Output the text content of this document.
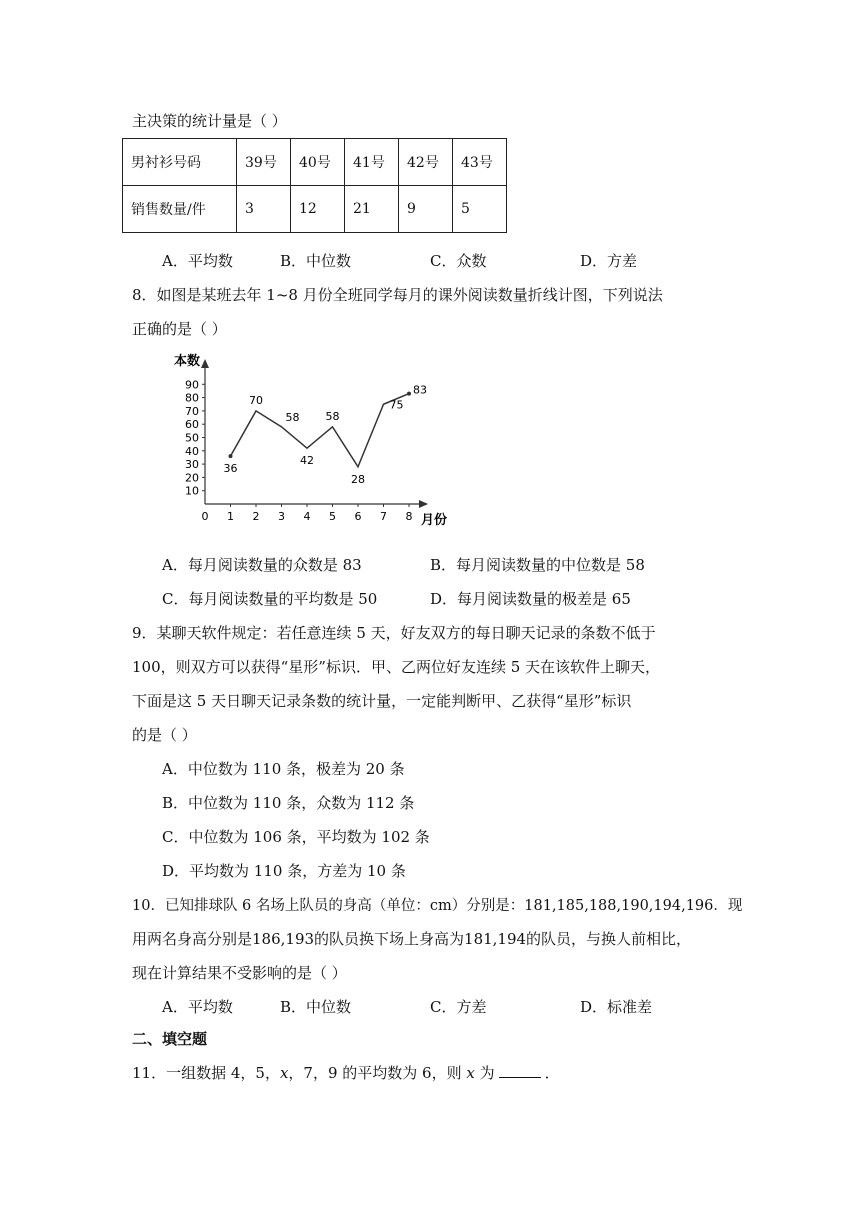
主决策的统计量是（ ）
男衬衫号码	39号	40号	41号	42号	43号
销售数量/件	3	12	21	9	5
A．平均数	B．中位数	C．众数	D．方差
8．如图是某班去年 1~8 月份全班同学每月的课外阅读数量折线计图，下列说法
正确的是（ ）
10
20
30
40
50
60
70
80
90
0 1 2 3 4 5 6 7 8
36
70
58
42
58
28
75
83
本数
月份
A．每月阅读数量的众数是 83	B．每月阅读数量的中位数是 58
C．每月阅读数量的平均数是 50	D．每月阅读数量的极差是 65
9．某聊天软件规定：若任意连续 5 天，好友双方的每日聊天记录的条数不低于
100，则双方可以获得“星形”标识．甲、乙两位好友连续 5 天在该软件上聊天，
下面是这 5 天日聊天记录条数的统计量，一定能判断甲、乙获得“星形”标识
的是（ ）
A．中位数为 110 条，极差为 20 条
B．中位数为 110 条，众数为 112 条
C．中位数为 106 条，平均数为 102 条
D．平均数为 110 条，方差为 10 条
10．已知排球队 6 名场上队员的身高（单位：cm）分别是：181,185,188,190,194,196．现
用两名身高分别是186,193的队员换下场上身高为181,194的队员，与换人前相比，
现在计算结果不受影响的是（ ）
A．平均数	B．中位数	C．方差	D．标准差
二、填空题
11．一组数据 4，5，x，7，9 的平均数为 6，则 x 为	．
